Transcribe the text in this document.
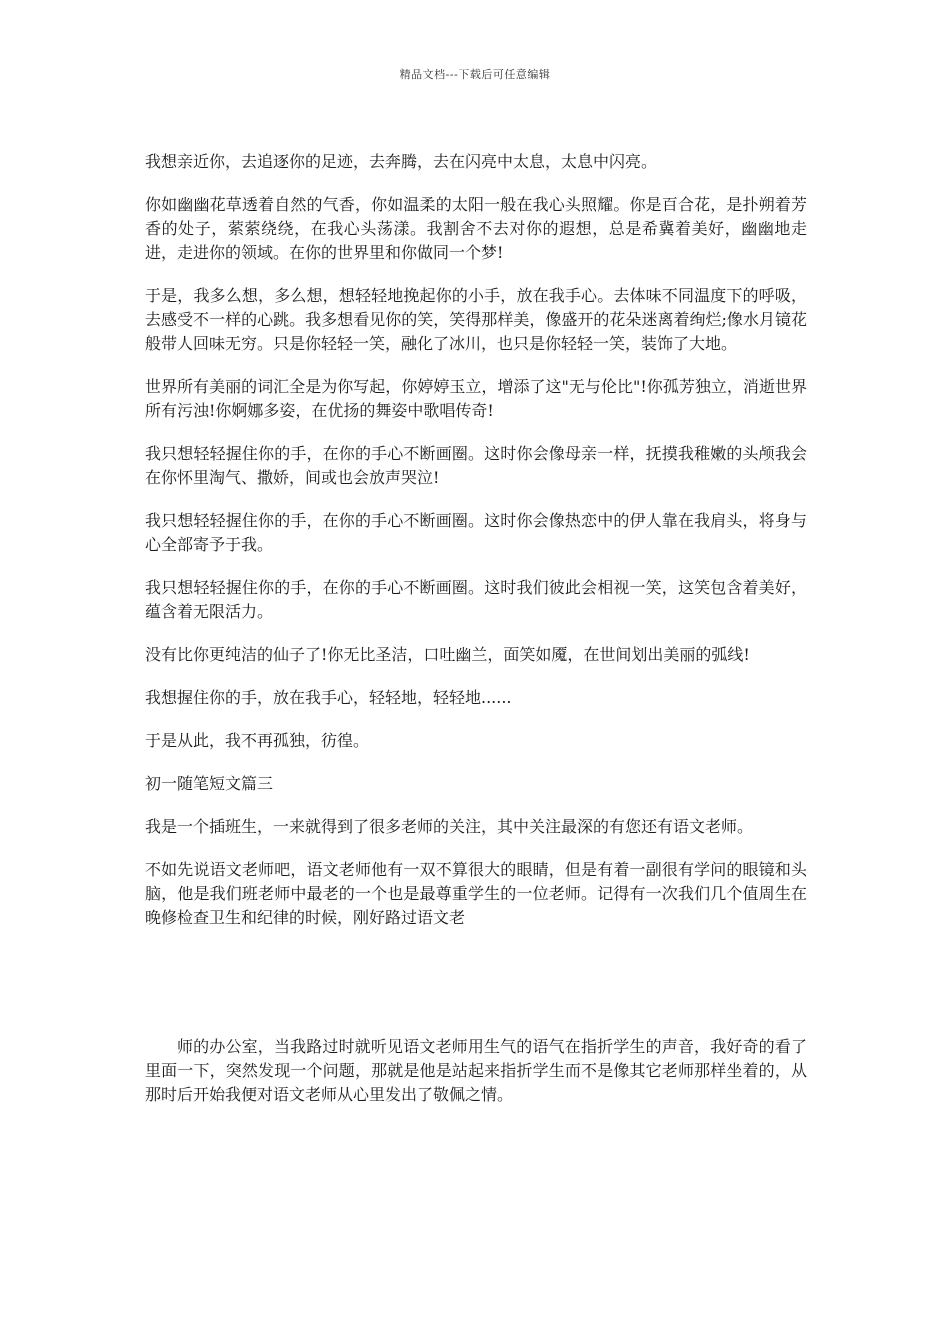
精品文档---下载后可任意编辑

我想亲近你，去追逐你的足迹，去奔腾，去在闪亮中太息，太息中闪亮。

你如幽幽花草透着自然的气香，你如温柔的太阳一般在我心头照耀。你是百合花，是扑朔着芳香的处子，萦萦绕绕，在我心头荡漾。我割舍不去对你的遐想，总是希冀着美好，幽幽地走进，走进你的领域。在你的世界里和你做同一个梦!

于是，我多么想，多么想，想轻轻地挽起你的小手，放在我手心。去体味不同温度下的呼吸，去感受不一样的心跳。我多想看见你的笑，笑得那样美，像盛开的花朵迷离着绚烂;像水月镜花般带人回味无穷。只是你轻轻一笑，融化了冰川，也只是你轻轻一笑，装饰了大地。

世界所有美丽的词汇全是为你写起，你婷婷玉立，增添了这"无与伦比"!你孤芳独立，消逝世界所有污浊!你婀娜多姿，在优扬的舞姿中歌唱传奇!

我只想轻轻握住你的手，在你的手心不断画圈。这时你会像母亲一样，抚摸我稚嫩的头颅我会在你怀里淘气、撒娇，间或也会放声哭泣!

我只想轻轻握住你的手，在你的手心不断画圈。这时你会像热恋中的伊人靠在我肩头，将身与心全部寄予于我。

我只想轻轻握住你的手，在你的手心不断画圈。这时我们彼此会相视一笑，这笑包含着美好，蕴含着无限活力。

没有比你更纯洁的仙子了!你无比圣洁，口吐幽兰，面笑如魇，在世间划出美丽的弧线!

我想握住你的手，放在我手心，轻轻地，轻轻地......

于是从此，我不再孤独，彷徨。

初一随笔短文篇三

我是一个插班生，一来就得到了很多老师的关注，其中关注最深的有您还有语文老师。

不如先说语文老师吧，语文老师他有一双不算很大的眼睛，但是有着一副很有学问的眼镜和头脑，他是我们班老师中最老的一个也是最尊重学生的一位老师。记得有一次我们几个值周生在晚修检查卫生和纪律的时候，刚好路过语文老

师的办公室，当我路过时就听见语文老师用生气的语气在指折学生的声音，我好奇的看了里面一下，突然发现一个问题，那就是他是站起来指折学生而不是像其它老师那样坐着的，从那时后开始我便对语文老师从心里发出了敬佩之情。
